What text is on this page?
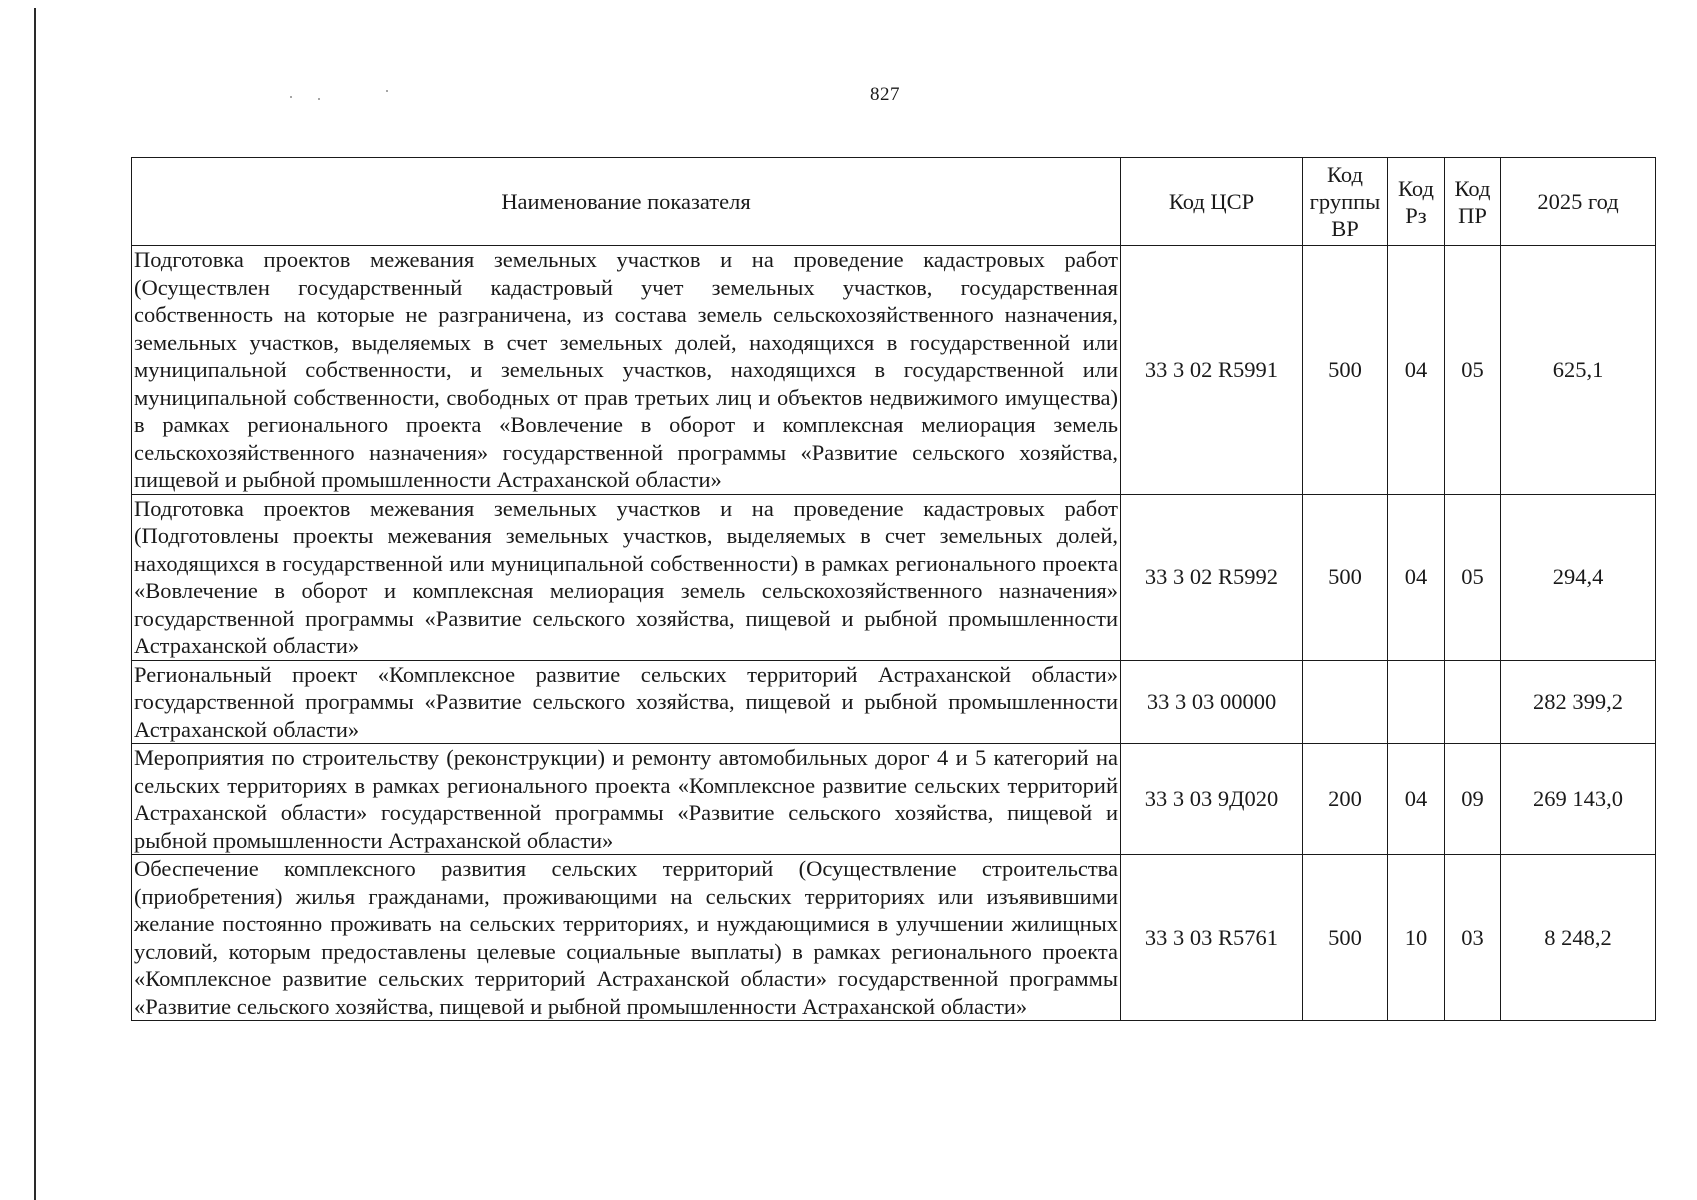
827
Наименование показателя	Код ЦСР	Код группы ВР	Код Рз	Код ПР	2025 год
Подготовка проектов межевания земельных участков и на проведение кадастровых работ (Осуществлен государственный кадастровый учет земельных участков, государственная собственность на которые не разграничена, из состава земель сельскохозяйственного назначения, земельных участков, выделяемых в счет земельных долей, находящихся в государственной или муниципальной собственности, и земельных участков, находящихся в государственной или муниципальной собственности, свободных от прав третьих лиц и объектов недвижимого имущества) в рамках регионального проекта «Вовлечение в оборот и комплексная мелиорация земель сельскохозяйственного назначения» государственной программы «Развитие сельского хозяйства, пищевой и рыбной промышленности Астраханской области»	33 3 02 R5991	500	04	05	625,1
Подготовка проектов межевания земельных участков и на проведение кадастровых работ (Подготовлены проекты межевания земельных участков, выделяемых в счет земельных долей, находящихся в государственной или муниципальной собственности) в рамках регионального проекта «Вовлечение в оборот и комплексная мелиорация земель сельскохозяйственного назначения» государственной программы «Развитие сельского хозяйства, пищевой и рыбной промышленности Астраханской области»	33 3 02 R5992	500	04	05	294,4
Региональный проект «Комплексное развитие сельских территорий Астраханской области» государственной программы «Развитие сельского хозяйства, пищевой и рыбной промышленности Астраханской области»	33 3 03 00000				282 399,2
Мероприятия по строительству (реконструкции) и ремонту автомобильных дорог 4 и 5 категорий на сельских территориях в рамках регионального проекта «Комплексное развитие сельских территорий Астраханской области» государственной программы «Развитие сельского хозяйства, пищевой и рыбной промышленности Астраханской области»	33 3 03 9Д020	200	04	09	269 143,0
Обеспечение комплексного развития сельских территорий (Осуществление строительства (приобретения) жилья гражданами, проживающими на сельских территориях или изъявившими желание постоянно проживать на сельских территориях, и нуждающимися в улучшении жилищных условий, которым предоставлены целевые социальные выплаты) в рамках регионального проекта «Комплексное развитие сельских территорий Астраханской области» государственной программы «Развитие сельского хозяйства, пищевой и рыбной промышленности Астраханской области»	33 3 03 R5761	500	10	03	8 248,2
